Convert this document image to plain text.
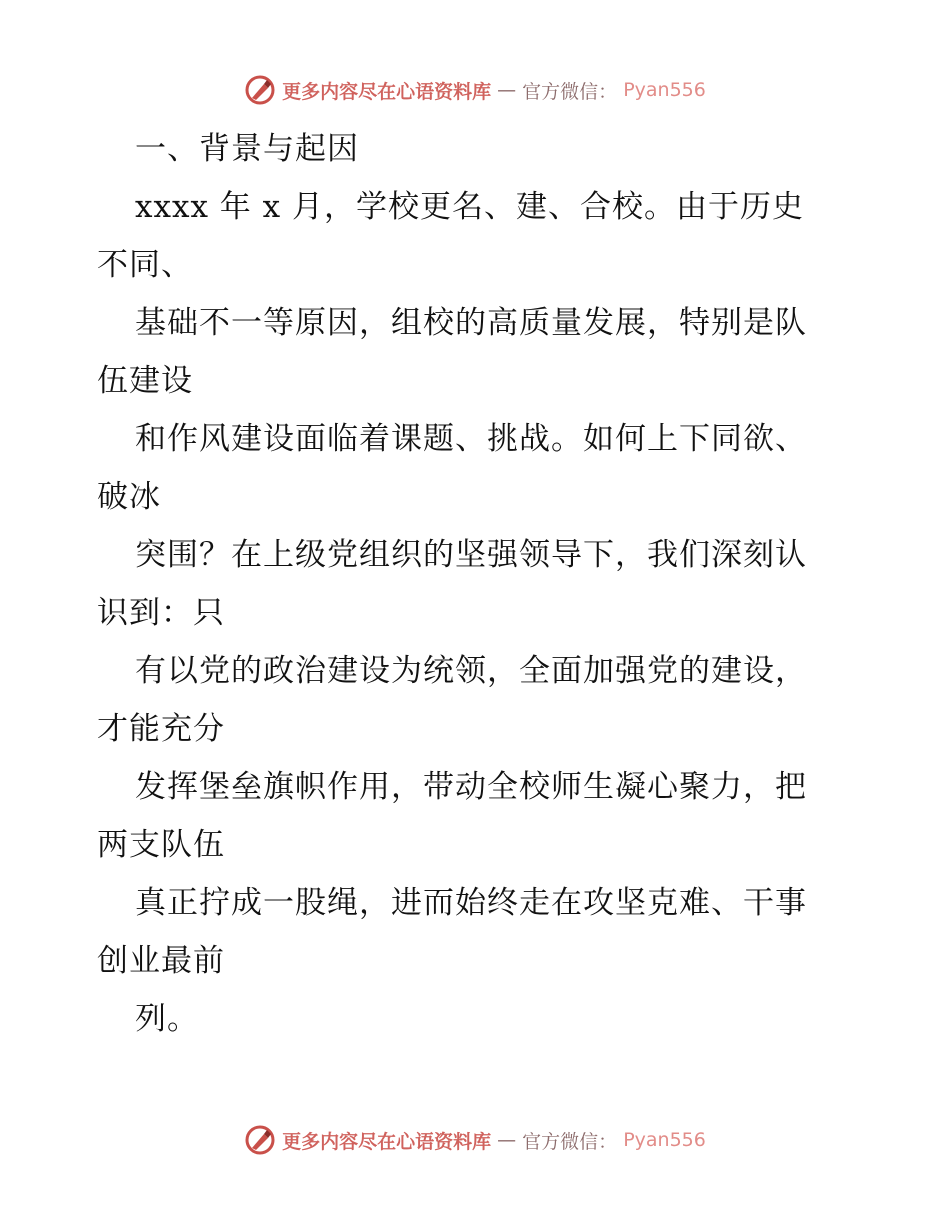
更多内容尽在心语资料库 — 官方微信： Pyan556
一、背景与起因
xxxx 年 x 月，学校更名、建、合校。由于历史
不同、
基础不一等原因，组校的高质量发展，特别是队
伍建设
和作风建设面临着课题、挑战。如何上下同欲、
破冰
突围？在上级党组织的坚强领导下，我们深刻认
识到：只
有以党的政治建设为统领，全面加强党的建设，
才能充分
发挥堡垒旗帜作用，带动全校师生凝心聚力，把
两支队伍
真正拧成一股绳，进而始终走在攻坚克难、干事
创业最前
列。
更多内容尽在心语资料库 — 官方微信： Pyan556
